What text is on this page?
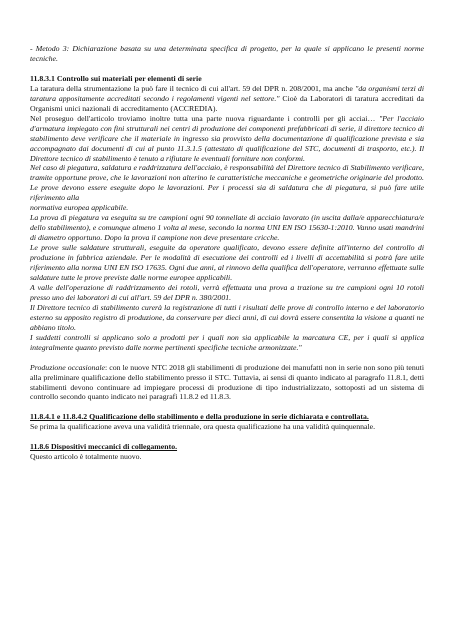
- Metodo 3: Dichiarazione basata su una determinata specifica di progetto, per la quale si applicano le presenti norme tecniche.

11.8.3.1 Controllo sui materiali per elementi di serie

La taratura della strumentazione la può fare il tecnico di cui all'art. 59 del DPR n. 208/2001, ma anche "da organismi terzi di taratura appositamente accreditati secondo i regolamenti vigenti nel settore." Cioè da Laboratori di taratura accreditati da Organismi unici nazionali di accreditamento (ACCREDIA).

Nel proseguo dell'articolo troviamo inoltre tutta una parte nuova riguardante i controlli per gli acciai… "Per l'acciaio d'armatura impiegato con fini strutturali nei centri di produzione dei componenti prefabbricati di serie, il direttore tecnico di stabilimento deve verificare che il materiale in ingresso sia provvisto della documentazione di qualificazione prevista e sia accompagnato dai documenti di cui al punto 11.3.1.5 (attestato di qualificazione del STC, documenti di trasporto, etc.). Il Direttore tecnico di stabilimento è tenuto a rifiutare le eventuali forniture non conformi.

Nel caso di piegatura, saldatura e raddrizzatura dell'acciaio, è responsabilità del Direttore tecnico di Stabilimento verificare, tramite opportune prove, che le lavorazioni non alterino le caratteristiche meccaniche e geometriche originarie del prodotto. Le prove devono essere eseguite dopo le lavorazioni. Per i processi sia di saldatura che di piegatura, si può fare utile riferimento alla

normativa europea applicabile.

La prova di piegatura va eseguita su tre campioni ogni 90 tonnellate di acciaio lavorato (in uscita dalla/e apparecchiatura/e dello stabilimento), e comunque almeno 1 volta al mese, secondo la norma UNI EN ISO 15630-1:2010. Vanno usati mandrini di diametro opportuno. Dopo la prova il campione non deve presentare cricche.

Le prove sulle saldature strutturali, eseguite da operatore qualificato, devono essere definite all'interno del controllo di produzione in fabbrica aziendale. Per le modalità di esecuzione dei controlli ed i livelli di accettabilità si potrà fare utile riferimento alla norma UNI EN ISO 17635. Ogni due anni, al rinnovo della qualifica dell'operatore, verranno effettuate sulle saldature tutte le prove previste dalle norme europee applicabili.

A valle dell'operazione di raddrizzamento dei rotoli, verrà effettuata una prova a trazione su tre campioni ogni 10 rotoli presso uno dei laboratori di cui all'art. 59 del DPR n. 380/2001.

Il Direttore tecnico di stabilimento curerà la registrazione di tutti i risultati delle prove di controllo interno e del laboratorio esterno su apposito registro di produzione, da conservare per dieci anni, di cui dovrà essere consentita la visione a quanti ne abbiano titolo.

I suddetti controlli si applicano solo a prodotti per i quali non sia applicabile la marcatura CE, per i quali si applica integralmente quanto previsto dalle norme pertinenti specifiche tecniche armonizzate."

Produzione occasionale: con le nuove NTC 2018 gli stabilimenti di produzione dei manufatti non in serie non sono più tenuti alla preliminare qualificazione dello stabilimento presso il STC. Tuttavia, ai sensi di quanto indicato al paragrafo 11.8.1, detti stabilimenti devono continuare ad impiegare processi di produzione di tipo industrializzato, sottoposti ad un sistema di controllo secondo quanto indicato nei paragrafi 11.8.2 ed 11.8.3.

11.8.4.1 e 11.8.4.2 Qualificazione dello stabilimento e della produzione in serie dichiarata e controllata.

Se prima la qualificazione aveva una validità triennale, ora questa qualificazione ha una validità quinquennale.

11.8.6 Dispositivi meccanici di collegamento.

Questo articolo è totalmente nuovo.
